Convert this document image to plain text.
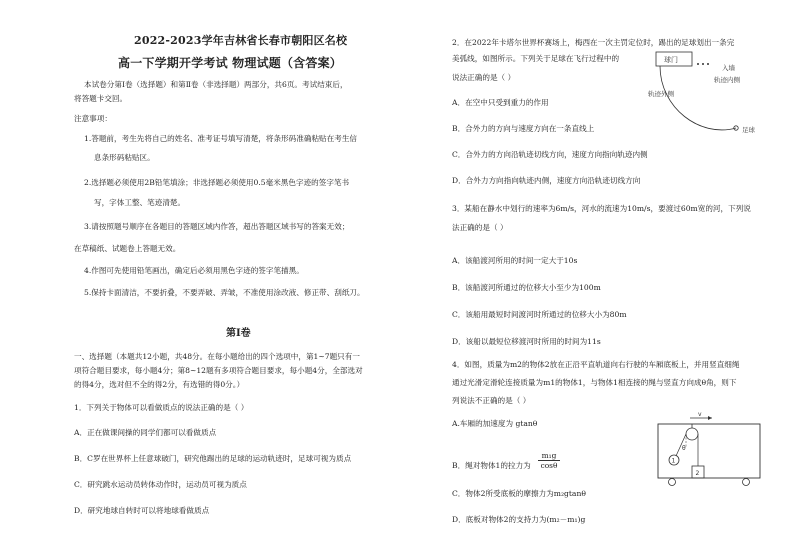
2022-2023学年吉林省长春市朝阳区名校
高一下学期开学考试 物理试题（含答案）
本试卷分第Ⅰ卷（选择题）和第Ⅱ卷（非选择题）两部分，共6页。考试结束后，
将答题卡交回。
注意事项：
1.答题前，考生先将自己的姓名、准考证号填写清楚，将条形码准确粘贴在考生信
息条形码粘贴区。
2.选择题必须使用2B铅笔填涂；非选择题必须使用0.5毫米黑色字迹的签字笔书
写，字体工整、笔迹清楚。
3.请按照题号顺序在各题目的答题区域内作答，超出答题区域书写的答案无效；
在草稿纸、试题卷上答题无效。
4.作图可先使用铅笔画出，确定后必须用黑色字迹的签字笔描黑。
5.保持卡面清洁，不要折叠，不要弄破、弄皱，不准使用涂改液、修正带、刮纸刀。
第Ⅰ卷
一、选择题（本题共12小题，共48分。在每小题给出的四个选项中，第1~7题只有一
项符合题目要求，每小题4分；第8~12题有多项符合题目要求，每小题4分，全部选对
的得4分，选对但不全的得2分，有选错的得0分。）
1．下列关于物体可以看做质点的说法正确的是（ ）
A．正在做课间操的同学们都可以看做质点
B．C罗在世界杯上任意球破门，研究他踢出的足球的运动轨迹时，足球可视为质点
C．研究跳水运动员转体动作时，运动员可视为质点
D．研究地球自转时可以将地球看做质点
2．在2022年卡塔尔世界杯赛场上，梅西在一次主罚定位时，踢出的足球划出一条完
美弧线，如图所示。下列关于足球在飞行过程中的
说法正确的是（ ）
球门
入墙
轨迹外侧
轨迹内侧
足球
A．在空中只受到重力的作用
B．合外力的方向与速度方向在一条直线上
C．合外力的方向沿轨迹切线方向，速度方向指向轨迹内侧
D．合外力方向指向轨迹内侧，速度方向沿轨迹切线方向
3．某船在静水中划行的速率为6m/s，河水的流速为10m/s，要渡过60m宽的河，下列说
法正确的是（ ）
A．该船渡河所用的时间一定大于10s
B．该船渡河所通过的位移大小至少为100m
C．该船用最短时间渡河时所通过的位移大小为80m
D．该船以最短位移渡河时所用的时间为11s
4．如图，质量为m2的物体2放在正沿平直轨道向右行驶的车厢底板上，并用竖直细绳
通过光滑定滑轮连接质量为m1的物体1，与物体1相连接的绳与竖直方向成θ角，则下
列说法不正确的是（ ）
v
θ
1
2
A.车厢的加速度为 gtanθ
B．绳对物体1的拉力为
m₁g
cosθ
C．物体2所受底板的摩擦力为m₂gtanθ
D．底板对物体2的支持力为(m₂－m₁)g
